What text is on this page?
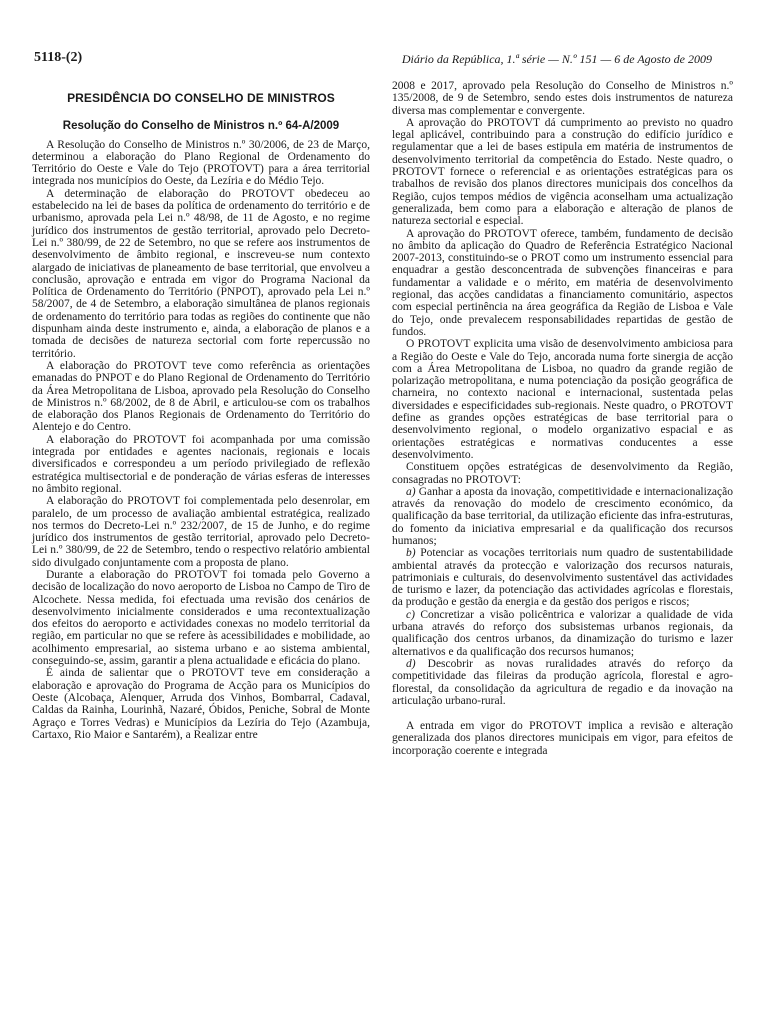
5118-(2)	Diário da República, 1.ª série — N.º 151 — 6 de Agosto de 2009
PRESIDÊNCIA DO CONSELHO DE MINISTROS
Resolução do Conselho de Ministros n.º 64-A/2009

A Resolução do Conselho de Ministros n.º 30/2006, de 23 de Março, determinou a elaboração do Plano Regional de Ordenamento do Território do Oeste e Vale do Tejo (PROTOVT) para a área territorial integrada nos municípios do Oeste, da Lezíria e do Médio Tejo.

A determinação de elaboração do PROTOVT obedeceu ao estabelecido na lei de bases da política de ordenamento do território e de urbanismo, aprovada pela Lei n.º 48/98, de 11 de Agosto, e no regime jurídico dos instrumentos de gestão territorial, aprovado pelo Decreto-Lei n.º 380/99, de 22 de Setembro, no que se refere aos instrumentos de desenvolvimento de âmbito regional, e inscreveu-se num contexto alargado de iniciativas de planeamento de base territorial, que envolveu a conclusão, aprovação e entrada em vigor do Programa Nacional da Política de Ordenamento do Território (PNPOT), aprovado pela Lei n.º 58/2007, de 4 de Setembro, a elaboração simultânea de planos regionais de ordenamento do território para todas as regiões do continente que não dispunham ainda deste instrumento e, ainda, a elaboração de planos e a tomada de decisões de natureza sectorial com forte repercussão no território.

A elaboração do PROTOVT teve como referência as orientações emanadas do PNPOT e do Plano Regional de Ordenamento do Território da Área Metropolitana de Lisboa, aprovado pela Resolução do Conselho de Ministros n.º 68/2002, de 8 de Abril, e articulou-se com os trabalhos de elaboração dos Planos Regionais de Ordenamento do Território do Alentejo e do Centro.

A elaboração do PROTOVT foi acompanhada por uma comissão integrada por entidades e agentes nacionais, regionais e locais diversificados e correspondeu a um período privilegiado de reflexão estratégica multisectorial e de ponderação de várias esferas de interesses no âmbito regional.

A elaboração do PROTOVT foi complementada pelo desenrolar, em paralelo, de um processo de avaliação ambiental estratégica, realizado nos termos do Decreto-Lei n.º 232/2007, de 15 de Junho, e do regime jurídico dos instrumentos de gestão territorial, aprovado pelo Decreto-Lei n.º 380/99, de 22 de Setembro, tendo o respectivo relatório ambiental sido divulgado conjuntamente com a proposta de plano.

Durante a elaboração do PROTOVT foi tomada pelo Governo a decisão de localização do novo aeroporto de Lisboa no Campo de Tiro de Alcochete. Nessa medida, foi efectuada uma revisão dos cenários de desenvolvimento inicialmente considerados e uma recontextualização dos efeitos do aeroporto e actividades conexas no modelo territorial da região, em particular no que se refere às acessibilidades e mobilidade, ao acolhimento empresarial, ao sistema urbano e ao sistema ambiental, conseguindo-se, assim, garantir a plena actualidade e eficácia do plano.

É ainda de salientar que o PROTOVT teve em consideração a elaboração e aprovação do Programa de Acção para os Municípios do Oeste (Alcobaça, Alenquer, Arruda dos Vinhos, Bombarral, Cadaval, Caldas da Rainha, Lourinhã, Nazaré, Óbidos, Peniche, Sobral de Monte Agraço e Torres Vedras) e Municípios da Lezíria do Tejo (Azambuja, Cartaxo, Rio Maior e Santarém), a Realizar entre

2008 e 2017, aprovado pela Resolução do Conselho de Ministros n.º 135/2008, de 9 de Setembro, sendo estes dois instrumentos de natureza diversa mas complementar e convergente.

A aprovação do PROTOVT dá cumprimento ao previsto no quadro legal aplicável, contribuindo para a construção do edifício jurídico e regulamentar que a lei de bases estipula em matéria de instrumentos de desenvolvimento territorial da competência do Estado. Neste quadro, o PROTOVT fornece o referencial e as orientações estratégicas para os trabalhos de revisão dos planos directores municipais dos concelhos da Região, cujos tempos médios de vigência aconselham uma actualização generalizada, bem como para a elaboração e alteração de planos de natureza sectorial e especial.

A aprovação do PROTOVT oferece, também, fundamento de decisão no âmbito da aplicação do Quadro de Referência Estratégico Nacional 2007-2013, constituindo-se o PROT como um instrumento essencial para enquadrar a gestão desconcentrada de subvenções financeiras e para fundamentar a validade e o mérito, em matéria de desenvolvimento regional, das acções candidatas a financiamento comunitário, aspectos com especial pertinência na área geográfica da Região de Lisboa e Vale do Tejo, onde prevalecem responsabilidades repartidas de gestão de fundos.

O PROTOVT explicita uma visão de desenvolvimento ambiciosa para a Região do Oeste e Vale do Tejo, ancorada numa forte sinergia de acção com a Área Metropolitana de Lisboa, no quadro da grande região de polarização metropolitana, e numa potenciação da posição geográfica de charneira, no contexto nacional e internacional, sustentada pelas diversidades e especificidades sub-regionais. Neste quadro, o PROTOVT define as grandes opções estratégicas de base territorial para o desenvolvimento regional, o modelo organizativo espacial e as orientações estratégicas e normativas conducentes a esse desenvolvimento.

Constituem opções estratégicas de desenvolvimento da Região, consagradas no PROTOVT:

a) Ganhar a aposta da inovação, competitividade e internacionalização através da renovação do modelo de crescimento económico, da qualificação da base territorial, da utilização eficiente das infra-estruturas, do fomento da iniciativa empresarial e da qualificação dos recursos humanos;

b) Potenciar as vocações territoriais num quadro de sustentabilidade ambiental através da protecção e valorização dos recursos naturais, patrimoniais e culturais, do desenvolvimento sustentável das actividades de turismo e lazer, da potenciação das actividades agrícolas e florestais, da produção e gestão da energia e da gestão dos perigos e riscos;

c) Concretizar a visão policêntrica e valorizar a qualidade de vida urbana através do reforço dos subsistemas urbanos regionais, da qualificação dos centros urbanos, da dinamização do turismo e lazer alternativos e da qualificação dos recursos humanos;

d) Descobrir as novas ruralidades através do reforço da competitividade das fileiras da produção agrícola, florestal e agro-florestal, da consolidação da agricultura de regadio e da inovação na articulação urbano-rural.

A entrada em vigor do PROTOVT implica a revisão e alteração generalizada dos planos directores municipais em vigor, para efeitos de incorporação coerente e integrada
